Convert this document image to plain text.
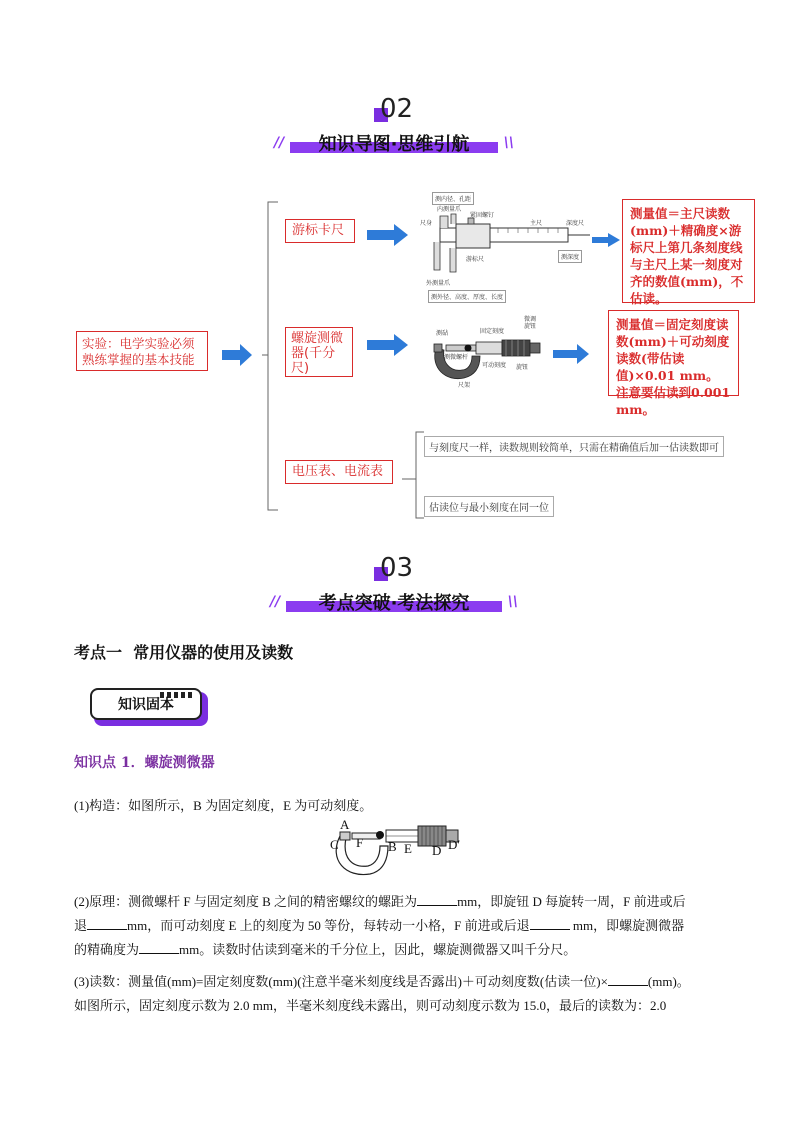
02
//	知识导图·思维引航	\\
实验：电学实验必须熟练掌握的基本技能
游标卡尺
螺旋测微器(千分尺)
电压表、电流表
测内径、孔距
内测量爪
尺身
紧固螺钉
主尺	深度尺
测深度
游标尺
外测量爪
测外径、高度、厚度、长度
测量值＝主尺读数(mm)＋精确度×游标尺上第几条刻度线与主尺上某一刻度对齐的数值(mm)，不估读。
测砧
测微螺杆
固定刻度
微调旋钮
可动刻度 旋钮
尺架
测量值＝固定刻度读数(mm)＋可动刻度读数(带估读值)×0.01 mm。注意要估读到0.001 mm。
与刻度尺一样，读数规则较简单，只需在精确值后加一估读数即可
估读位与最小刻度在同一位
03
//	考点突破·考法探究	\\
考点一  常用仪器的使用及读数
知识固本
知识点 1．螺旋测微器
(1)构造：如图所示，B 为固定刻度，E 为可动刻度。
A
C F B E D D′
(2)原理：测微螺杆 F 与固定刻度 B 之间的精密螺纹的螺距为	mm，即旋钮 D 每旋转一周，F 前进或后
退	mm，而可动刻度 E 上的刻度为 50 等份，每转动一小格，F 前进或后退	mm，即螺旋测微器
的精确度为	mm。读数时估读到毫米的千分位上，因此，螺旋测微器又叫千分尺。
(3)读数：测量值(mm)=固定刻度数(mm)(注意半毫米刻度线是否露出)＋可动刻度数(估读一位)×	(mm)。
如图所示，固定刻度示数为 2.0 mm，半毫米刻度线未露出，则可动刻度示数为 15.0，最后的读数为：2.0
